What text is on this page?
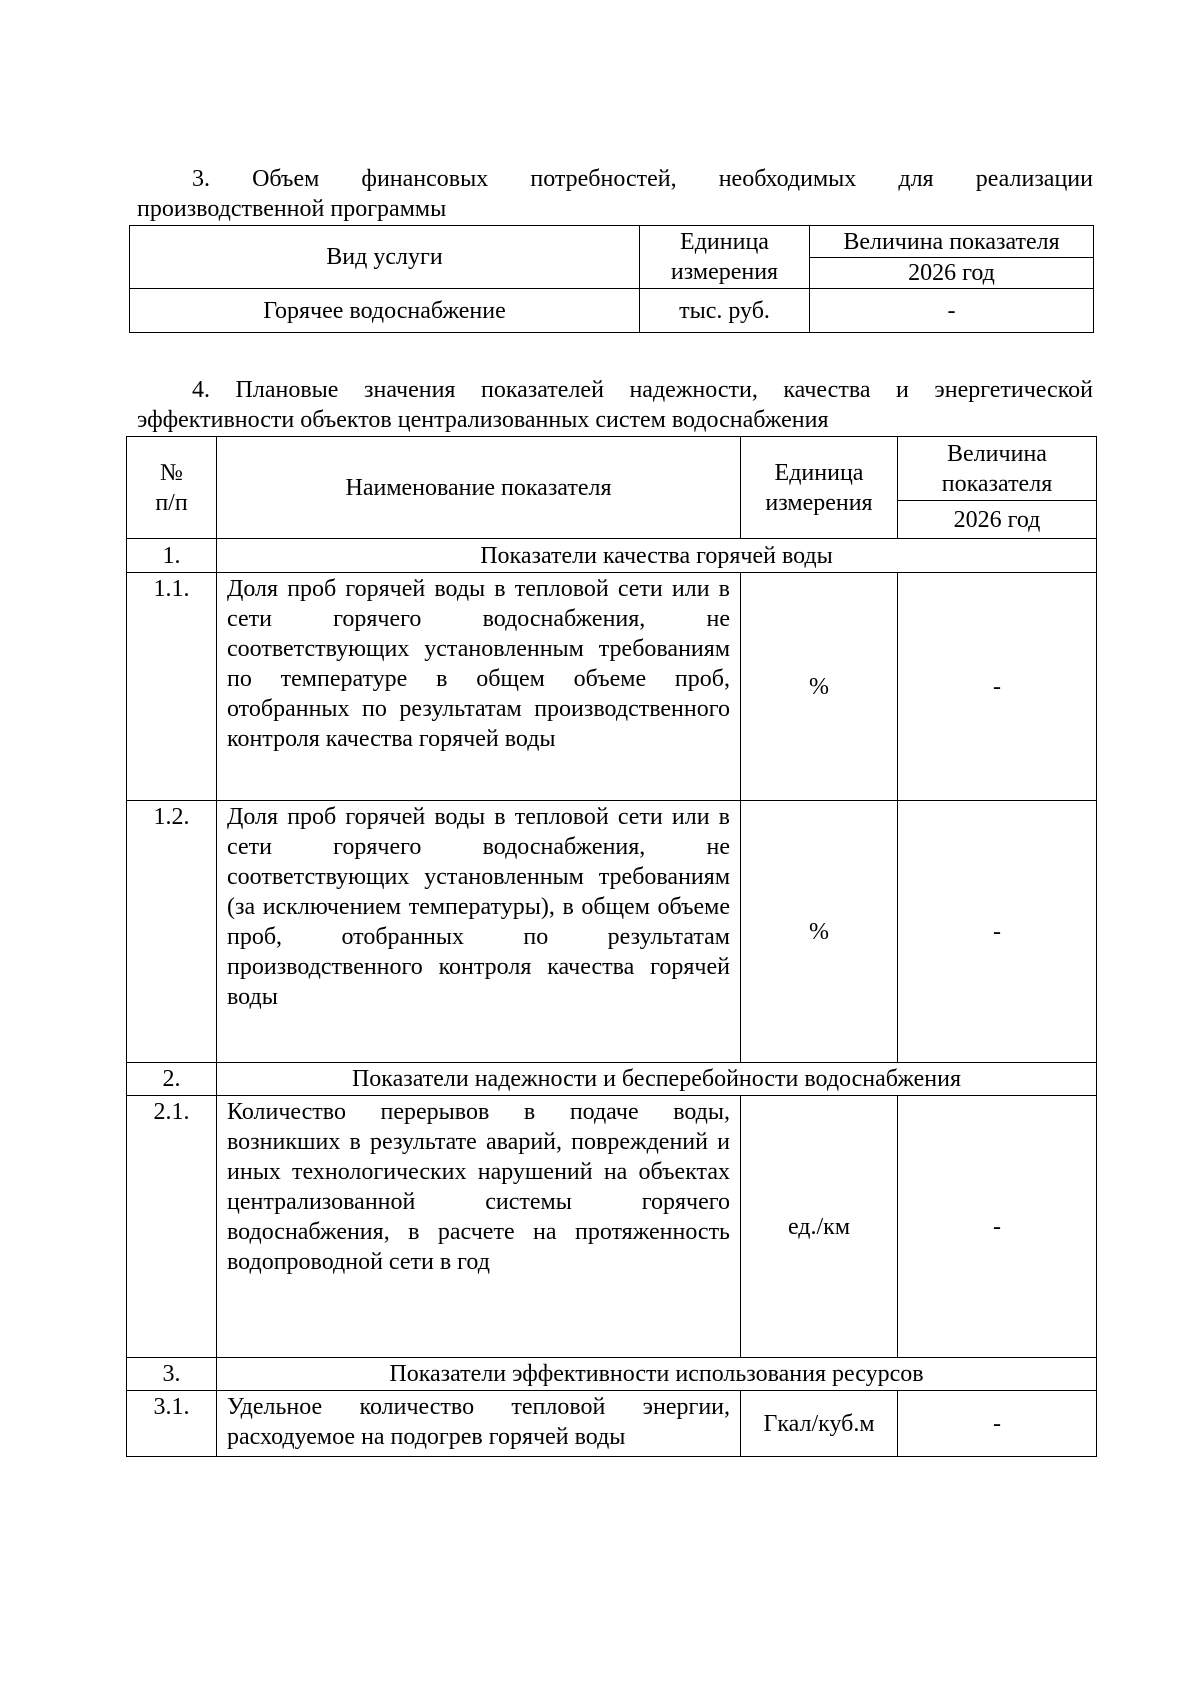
3. Объем финансовых потребностей, необходимых для реализации
производственной программы
Вид услуги	Единица измерения	Величина показателя
		2026 год
Горячее водоснабжение	тыс. руб.	-
4. Плановые значения показателей надежности, качества и энергетической
эффективности объектов централизованных систем водоснабжения
№ п/п	Наименование показателя	Единица измерения	Величина показателя
			2026 год
1.	Показатели качества горячей воды		
1.1.	Доля проб горячей воды в тепловой сети или в сети горячего водоснабжения, не соответствующих установленным требованиям по температуре в общем объеме проб, отобранных по результатам производственного контроля качества горячей воды	%	-
1.2.	Доля проб горячей воды в тепловой сети или в сети горячего водоснабжения, не соответствующих установленным требованиям (за исключением температуры), в общем объеме проб, отобранных по результатам производственного контроля качества горячей воды	%	-
2.	Показатели надежности и бесперебойности водоснабжения		
2.1.	Количество перерывов в подаче воды, возникших в результате аварий, повреждений и иных технологических нарушений на объектах централизованной системы горячего водоснабжения, в расчете на протяженность водопроводной сети в год	ед./км	-
3.	Показатели эффективности использования ресурсов		
3.1.	Удельное количество тепловой энергии, расходуемое на подогрев горячей воды	Гкал/куб.м	-
